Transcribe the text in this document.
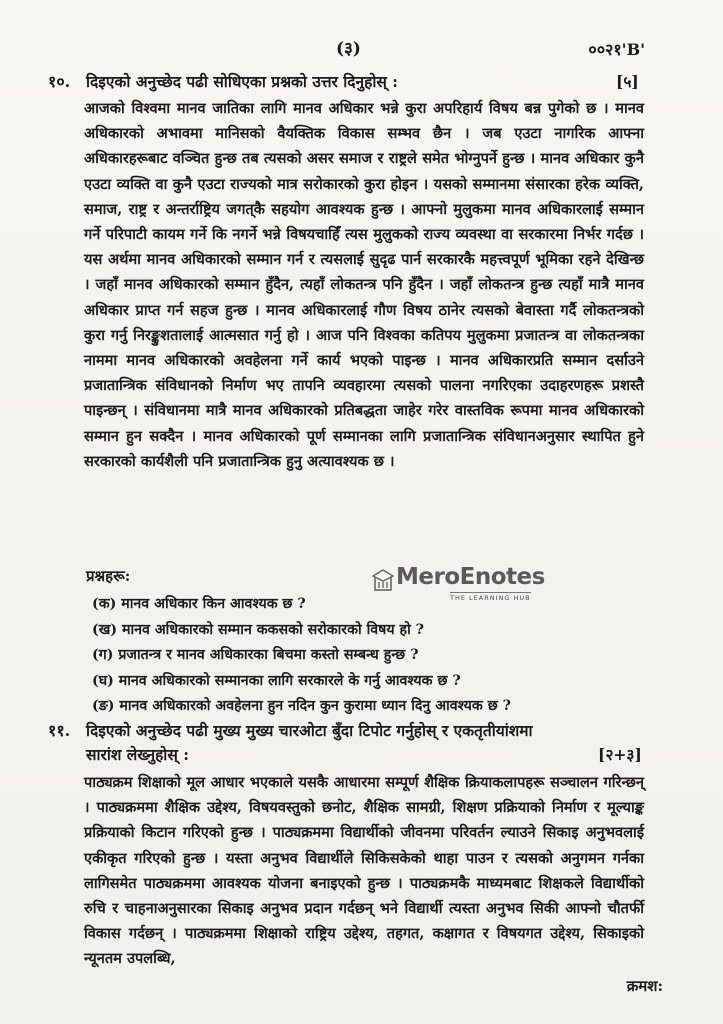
(३)	००२१'B'
१०. दिइएको अनुच्छेद पढी सोधिएका प्रश्नको उत्तर दिनुहोस् :	[५]
आजको विश्वमा मानव जातिका लागि मानव अधिकार भन्ने कुरा अपरिहार्य विषय बन्न पुगेको छ । मानव अधिकारको अभावमा मानिसको वैयक्तिक विकास सम्भव छैन । जब एउटा नागरिक आफ्ना अधिकारहरूबाट वञ्चित हुन्छ तब त्यसको असर समाज र राष्ट्रले समेत भोग्नुपर्ने हुन्छ । मानव अधिकार कुनै एउटा व्यक्ति वा कुनै एउटा राज्यको मात्र सरोकारको कुरा होइन । यसको सम्मानमा संसारका हरेक व्यक्ति, समाज, राष्ट्र र अन्तर्राष्ट्रिय जगत्‌कै सहयोग आवश्यक हुन्छ । आफ्नो मुलुकमा मानव अधिकारलाई सम्मान गर्ने परिपाटी कायम गर्ने कि नगर्ने भन्ने विषयचाहिँ त्यस मुलुकको राज्य व्यवस्था वा सरकारमा निर्भर गर्दछ । यस अर्थमा मानव अधिकारको सम्मान गर्न र त्यसलाई सुदृढ पार्न सरकारकै महत्त्वपूर्ण भूमिका रहने देखिन्छ । जहाँ मानव अधिकारको सम्मान हुँदैन, त्यहाँ लोकतन्त्र पनि हुँदैन । जहाँ लोकतन्त्र हुन्छ त्यहाँ मात्रै मानव अधिकार प्राप्त गर्न सहज हुन्छ । मानव अधिकारलाई गौण विषय ठानेर त्यसको बेवास्ता गर्दै लोकतन्त्रको कुरा गर्नु निरङ्कुशतालाई आत्मसात गर्नु हो । आज पनि विश्वका कतिपय मुलुकमा प्रजातन्त्र वा लोकतन्त्रका नाममा मानव अधिकारको अवहेलना गर्ने कार्य भएको पाइन्छ । मानव अधिकारप्रति सम्मान दर्साउने प्रजातान्त्रिक संविधानको निर्माण भए तापनि व्यवहारमा त्यसको पालना नगरिएका उदाहरणहरू प्रशस्तै पाइन्छन् । संविधानमा मात्रै मानव अधिकारको प्रतिबद्धता जाहेर गरेर वास्तविक रूपमा मानव अधिकारको सम्मान हुन सक्दैन । मानव अधिकारको पूर्ण सम्मानका लागि प्रजातान्त्रिक संविधानअनुसार स्थापित हुने सरकारको कार्यशैली पनि प्रजातान्त्रिक हुनु अत्यावश्यक छ ।
प्रश्नहरू:	MeroEnotes
THE LEARNING HUB
(क) मानव अधिकार किन आवश्यक छ ?
(ख) मानव अधिकारको सम्मान ककसको सरोकारको विषय हो ?
(ग) प्रजातन्त्र र मानव अधिकारका बिचमा कस्तो सम्बन्ध हुन्छ ?
(घ) मानव अधिकारको सम्मानका लागि सरकारले के गर्नु आवश्यक छ ?
(ङ) मानव अधिकारको अवहेलना हुन नदिन कुन कुरामा ध्यान दिनु आवश्यक छ ?
११. दिइएको अनुच्छेद पढी मुख्य मुख्य चारओटा बुँदा टिपोट गर्नुहोस् र एकतृतीयांशमा
सारांश लेख्नुहोस् :	[२+३]
पाठ्यक्रम शिक्षाको मूल आधार भएकाले यसकै आधारमा सम्पूर्ण शैक्षिक क्रियाकलापहरू सञ्चालन गरिन्छन् । पाठ्यक्रममा शैक्षिक उद्देश्य, विषयवस्तुको छनोट, शैक्षिक सामग्री, शिक्षण प्रक्रियाको निर्माण र मूल्याङ्क प्रक्रियाको किटान गरिएको हुन्छ । पाठ्यक्रममा विद्यार्थीको जीवनमा परिवर्तन ल्याउने सिकाइ अनुभवलाई एकीकृत गरिएको हुन्छ । यस्ता अनुभव विद्यार्थीले सिकिसकेको थाहा पाउन र त्यसको अनुगमन गर्नका लागिसमेत पाठ्यक्रममा आवश्यक योजना बनाइएको हुन्छ । पाठ्यक्रमकै माध्यमबाट शिक्षकले विद्यार्थीको रुचि र चाहनाअनुसारका सिकाइ अनुभव प्रदान गर्दछन् भने विद्यार्थी त्यस्ता अनुभव सिकी आफ्नो चौतर्फी विकास गर्दछन् । पाठ्यक्रममा शिक्षाको राष्ट्रिय उद्देश्य, तहगत, कक्षागत र विषयगत उद्देश्य, सिकाइको न्यूनतम उपलब्धि,
क्रमश:
